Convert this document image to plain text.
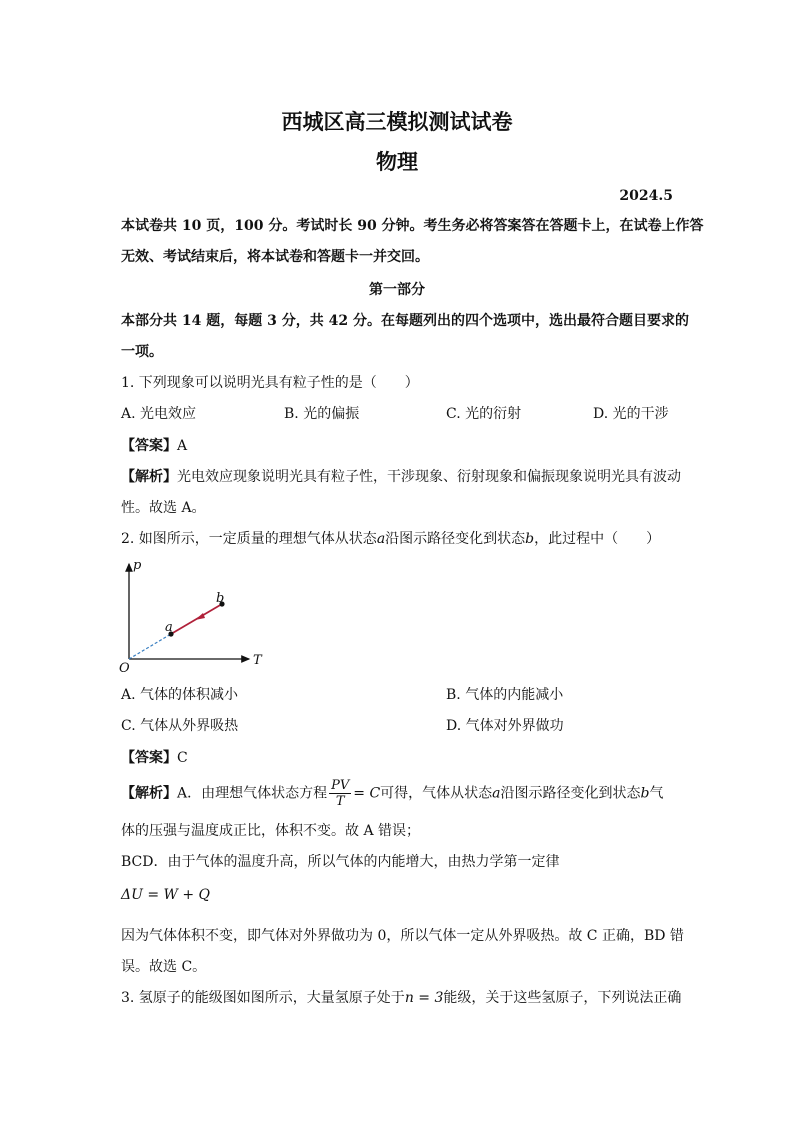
西城区高三模拟测试试卷
物理
2024.5
本试卷共 10 页，100 分。考试时长 90 分钟。考生务必将答案答在答题卡上，在试卷上作答
无效、考试结束后，将本试卷和答题卡一并交回。
第一部分
本部分共 14 题，每题 3 分，共 42 分。在每题列出的四个选项中，选出最符合题目要求的
一项。
1. 下列现象可以说明光具有粒子性的是（　　）
A. 光电效应	B. 光的偏振	C. 光的衍射	D. 光的干涉
【答案】A
【解析】光电效应现象说明光具有粒子性，干涉现象、衍射现象和偏振现象说明光具有波动
性。故选 A。
2. 如图所示，一定质量的理想气体从状态a沿图示路径变化到状态b，此过程中（　　）
p
T
O
a
b
A. 气体的体积减小	B. 气体的内能减小
C. 气体从外界吸热	D. 气体对外界做功
【答案】C
【解析】A．由理想气体状态方程 $\frac{PV}{T} = C$可得，气体从状态a沿图示路径变化到状态b气
体的压强与温度成正比，体积不变。故 A 错误；
BCD．由于气体的温度升高，所以气体的内能增大，由热力学第一定律
ΔU = W + Q
因为气体体积不变，即气体对外界做功为 0，所以气体一定从外界吸热。故 C 正确，BD 错
误。故选 C。
3. 氢原子的能级图如图所示，大量氢原子处于n = 3能级，关于这些氢原子，下列说法正确
